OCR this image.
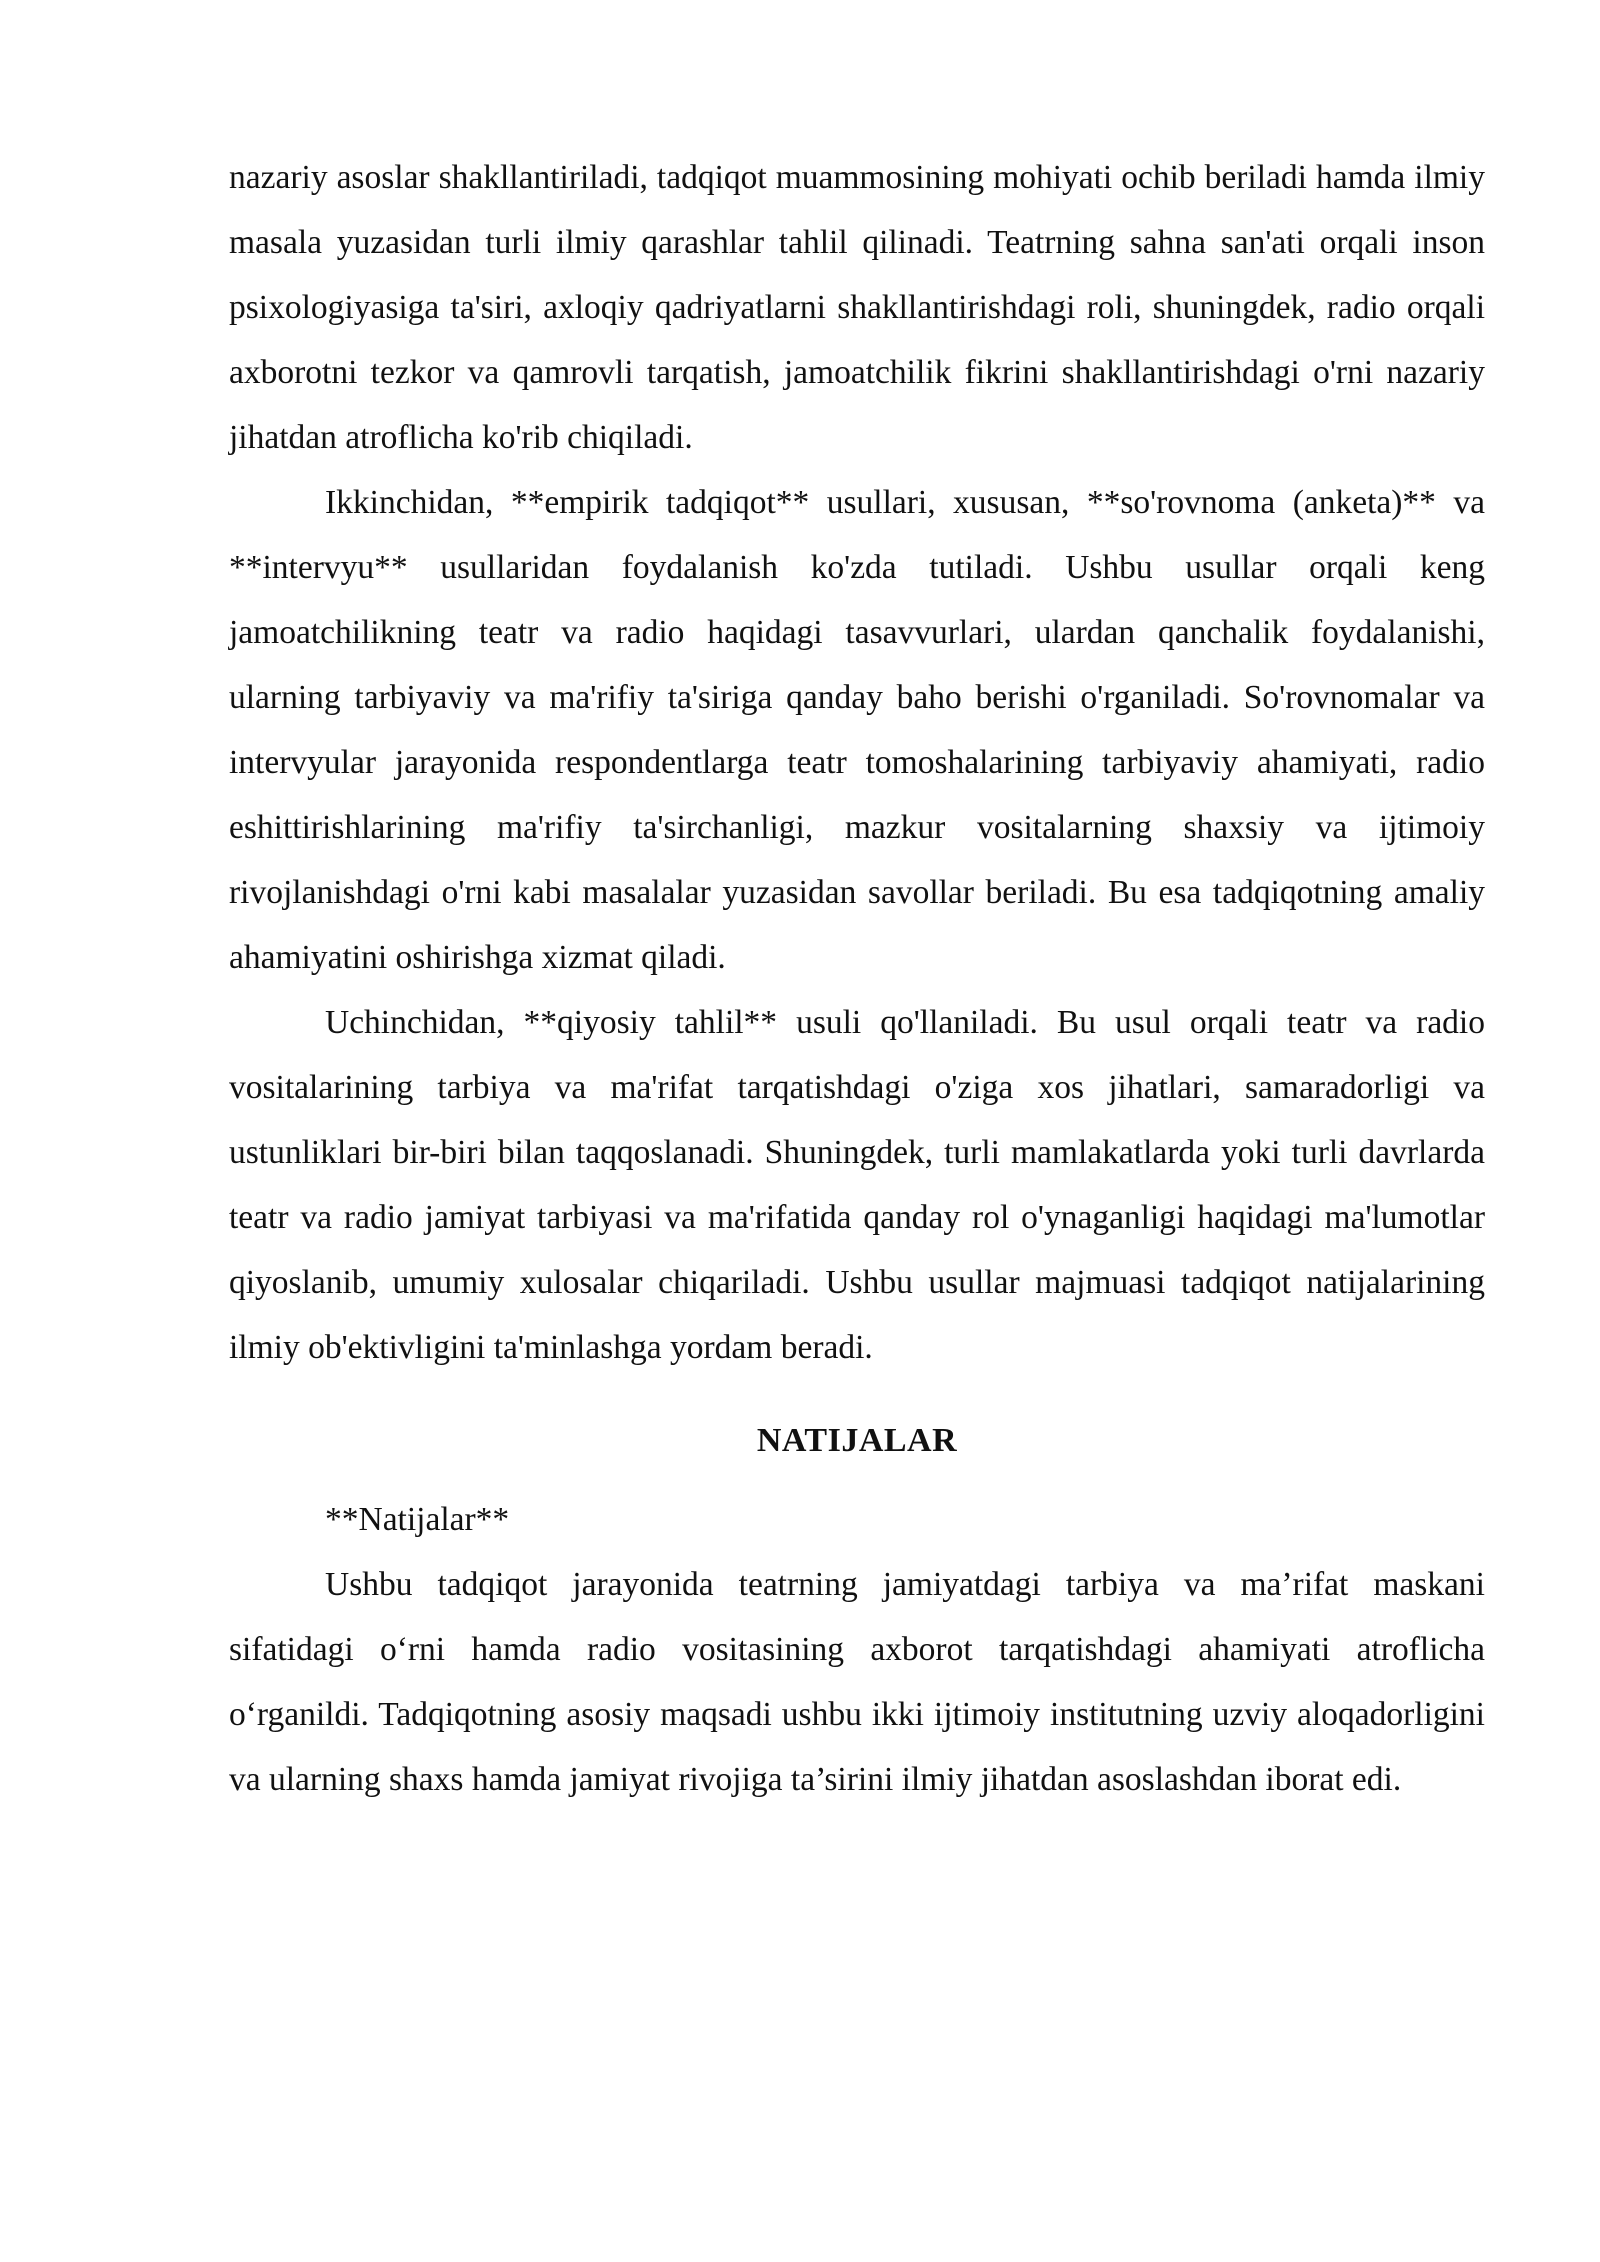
nazariy asoslar shakllantiriladi, tadqiqot muammosining mohiyati ochib beriladi hamda ilmiy masala yuzasidan turli ilmiy qarashlar tahlil qilinadi. Teatrning sahna san'ati orqali inson psixologiyasiga ta'siri, axloqiy qadriyatlarni shakllantirishdagi roli, shuningdek, radio orqali axborotni tezkor va qamrovli tarqatish, jamoatchilik fikrini shakllantirishdagi o'rni nazariy jihatdan atroflicha ko'rib chiqiladi.

Ikkinchidan, **empirik tadqiqot** usullari, xususan, **so'rovnoma (anketa)** va **intervyu** usullaridan foydalanish ko'zda tutiladi. Ushbu usullar orqali keng jamoatchilikning teatr va radio haqidagi tasavvurlari, ulardan qanchalik foydalanishi, ularning tarbiyaviy va ma'rifiy ta'siriga qanday baho berishi o'rganiladi. So'rovnomalar va intervyular jarayonida respondentlarga teatr tomoshalarining tarbiyaviy ahamiyati, radio eshittirishlarining ma'rifiy ta'sirchanligi, mazkur vositalarning shaxsiy va ijtimoiy rivojlanishdagi o'rni kabi masalalar yuzasidan savollar beriladi. Bu esa tadqiqotning amaliy ahamiyatini oshirishga xizmat qiladi.

Uchinchidan, **qiyosiy tahlil** usuli qo'llaniladi. Bu usul orqali teatr va radio vositalarining tarbiya va ma'rifat tarqatishdagi o'ziga xos jihatlari, samaradorligi va ustunliklari bir-biri bilan taqqoslanadi. Shuningdek, turli mamlakatlarda yoki turli davrlarda teatr va radio jamiyat tarbiyasi va ma'rifatida qanday rol o'ynaganligi haqidagi ma'lumotlar qiyoslanib, umumiy xulosalar chiqariladi. Ushbu usullar majmuasi tadqiqot natijalarining ilmiy ob'ektivligini ta'minlashga yordam beradi.

NATIJALAR

**Natijalar**

Ushbu tadqiqot jarayonida teatrning jamiyatdagi tarbiya va ma’rifat maskani sifatidagi o‘rni hamda radio vositasining axborot tarqatishdagi ahamiyati atroflicha o‘rganildi. Tadqiqotning asosiy maqsadi ushbu ikki ijtimoiy institutning uzviy aloqadorligini va ularning shaxs hamda jamiyat rivojiga ta’sirini ilmiy jihatdan asoslashdan iborat edi.
